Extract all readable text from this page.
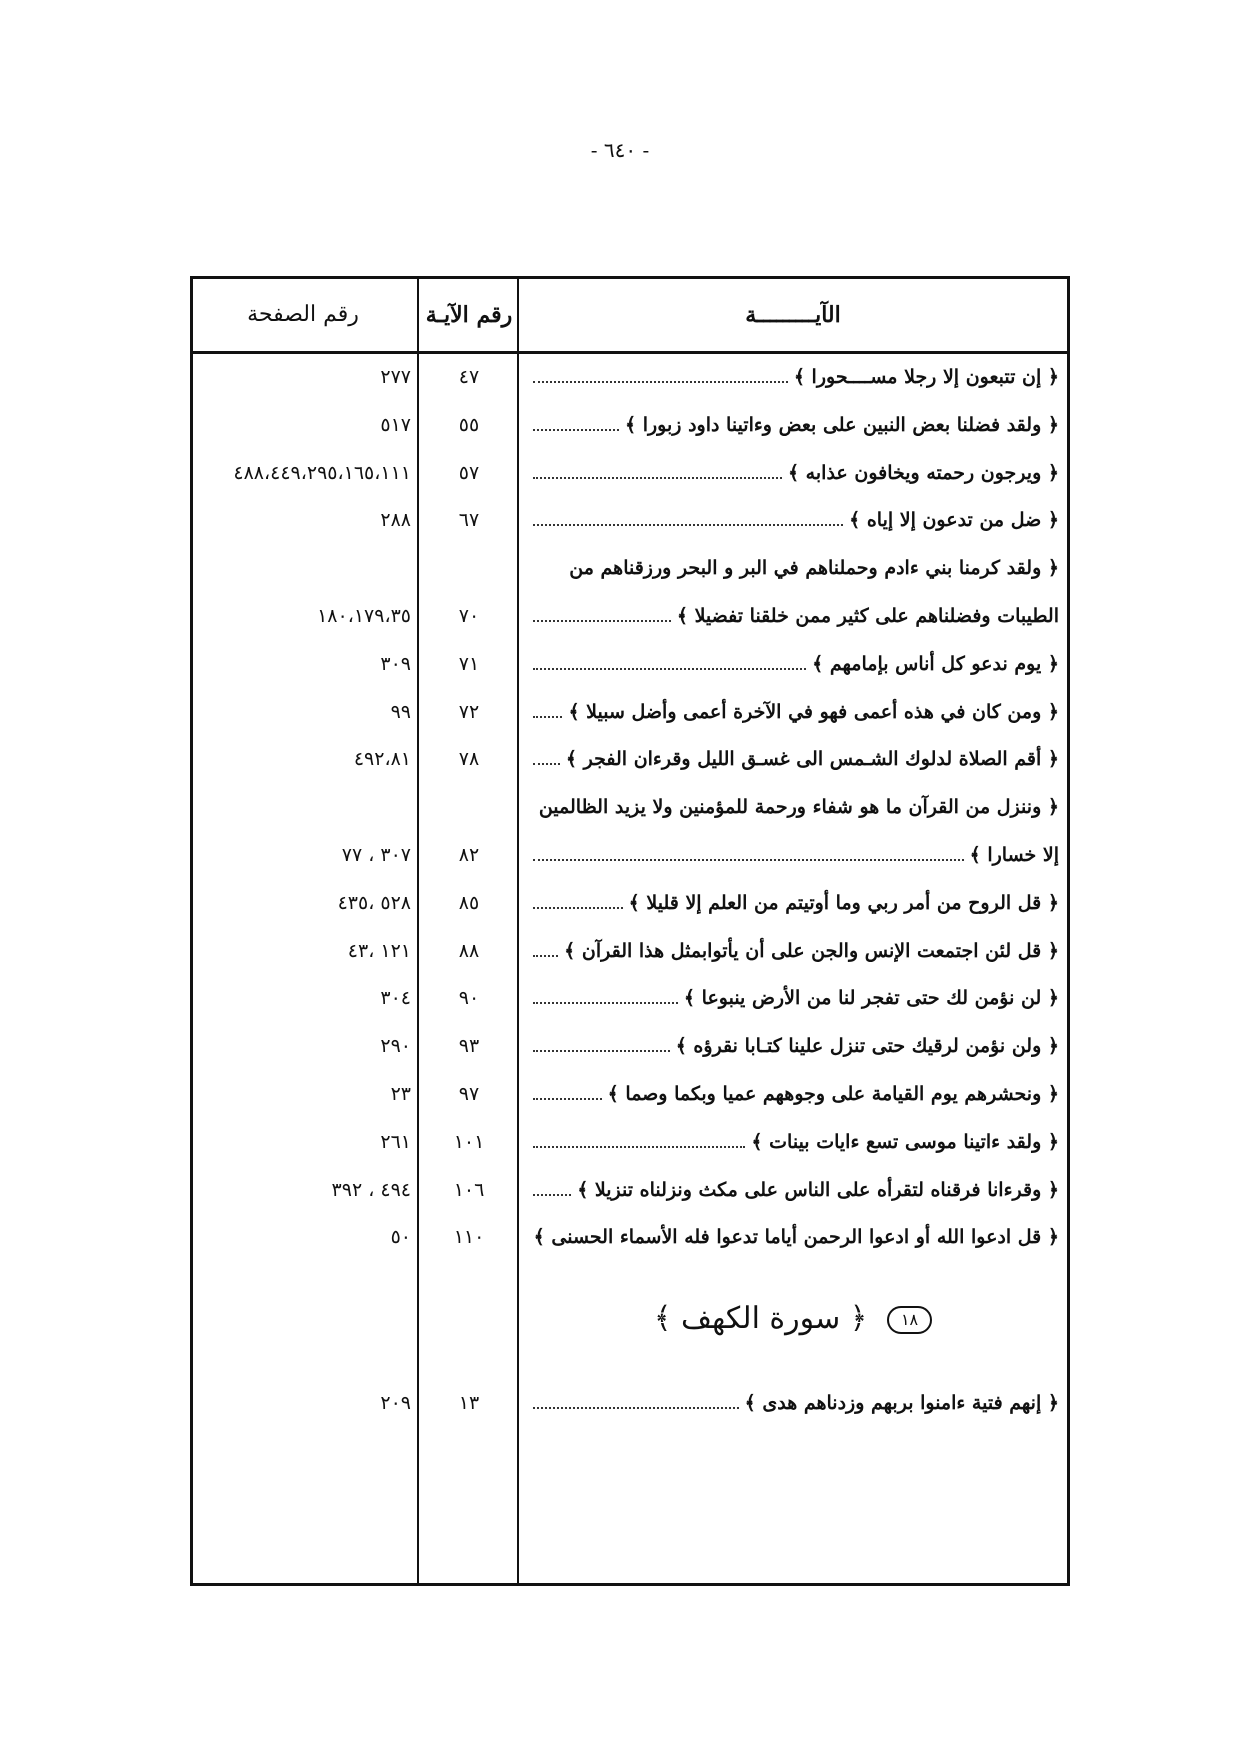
- ٦٤٠ -
الآيـــــــــة
رقم الآيـة
رقم الصفحة
﴿ إن تتبعون إلا رجلا مســــحورا ﴾
٤٧
٢٧٧
﴿ ولقد فضلنا بعض النبين على بعض وءاتينا داود زبورا ﴾
٥٥
٥١٧
﴿ ويرجون رحمته ويخافون عذابه ﴾
٥٧
٤٨٨،٤٤٩،٢٩٥،١٦٥،١١١
﴿ ضل من تدعون إلا إياه ﴾
٦٧
٢٨٨
﴿ ولقد كرمنا بني ءادم وحملناهم في البر و البحر ورزقناهم من
الطيبات وفضلناهم على كثير ممن خلقنا تفضيلا ﴾
٧٠
١٨٠،١٧٩،٣٥
﴿ يوم ندعو كل أناس بإمامهم ﴾
٧١
٣٠٩
﴿ ومن كان في هذه أعمى فهو في الآخرة أعمى وأضل سبيلا ﴾
٧٢
٩٩
﴿ أقم الصلاة لدلوك الشـمس الى غسـق الليل وقرءان الفجر ﴾
٧٨
٤٩٢،٨١
﴿ وننزل من القرآن ما هو شفاء ورحمة للمؤمنين ولا يزيد الظالمين
إلا خسارا ﴾
٨٢
٣٠٧ ، ٧٧
﴿ قل الروح من أمر ربي وما أوتيتم من العلم إلا قليلا ﴾
٨٥
٥٢٨ ،٤٣٥
﴿ قل لئن اجتمعت الإنس والجن على أن يأتوابمثل هذا القرآن ﴾
٨٨
١٢١ ،٤٣
﴿ لن نؤمن لك حتى تفجر لنا من الأرض ينبوعا ﴾
٩٠
٣٠٤
﴿ ولن نؤمن لرقيك حتى تنزل علينا كتـابا نقرؤه ﴾
٩٣
٢٩٠
﴿ ونحشرهم يوم القيامة على وجوههم عميا وبكما وصما ﴾
٩٧
٢٣
﴿ ولقد ءاتينا موسى تسع ءايات بينات ﴾
١٠١
٢٦١
﴿ وقرءانا فرقناه لتقرأه على الناس على مكث ونزلناه تنزيلا ﴾
١٠٦
٤٩٤ ، ٣٩٢
﴿ قل ادعوا الله أو ادعوا الرحمن أياما تدعوا فله الأسماء الحسنى ﴾
١١٠
٥٠
١٨ ﴿ سورة الكهف ﴾
﴿ إنهم فتية ءامنوا بربهم وزدناهم هدى ﴾
١٣
٢٠٩
